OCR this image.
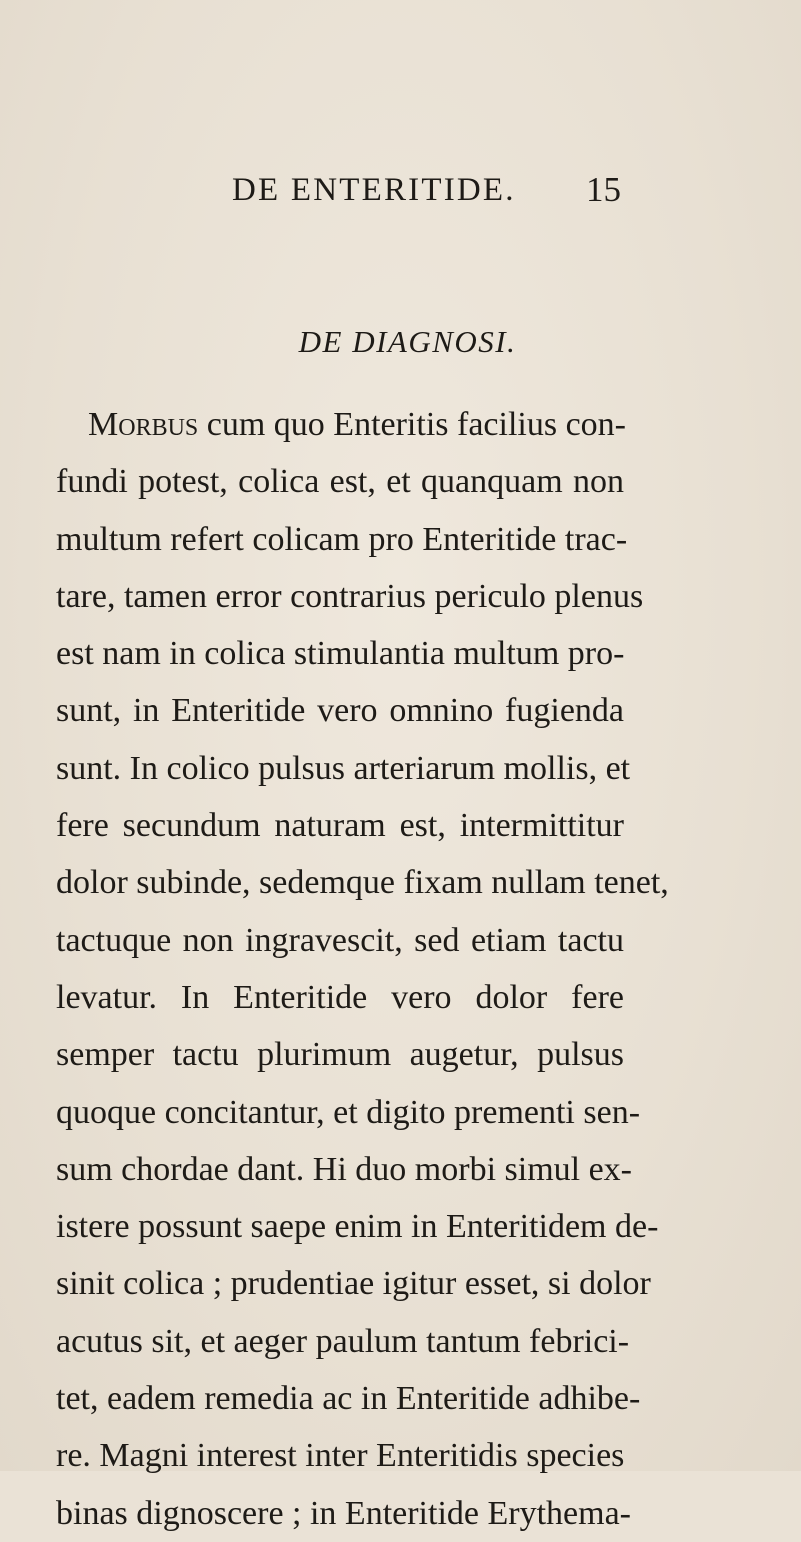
DE ENTERITIDE. 15
DE DIAGNOSI.
Morbus cum quo Enteritis facilius con-
fundi potest, colica est, et quanquam non
multum refert colicam pro Enteritide trac-
tare, tamen error contrarius periculo plenus
est nam in colica stimulantia multum pro-
sunt, in Enteritide vero omnino fugienda
sunt. In colico pulsus arteriarum mollis, et
fere secundum naturam est, intermittitur
dolor subinde, sedemque fixam nullam tenet,
tactuque non ingravescit, sed etiam tactu
levatur. In Enteritide vero dolor fere
semper tactu plurimum augetur, pulsus
quoque concitantur, et digito prementi sen-
sum chordae dant. Hi duo morbi simul ex-
istere possunt saepe enim in Enteritidem de-
sinit colica ; prudentiae igitur esset, si dolor
acutus sit, et aeger paulum tantum febrici-
tet, eadem remedia ac in Enteritide adhibe-
re. Magni interest inter Enteritidis species
binas dignoscere ; in Enteritide Erythema-
